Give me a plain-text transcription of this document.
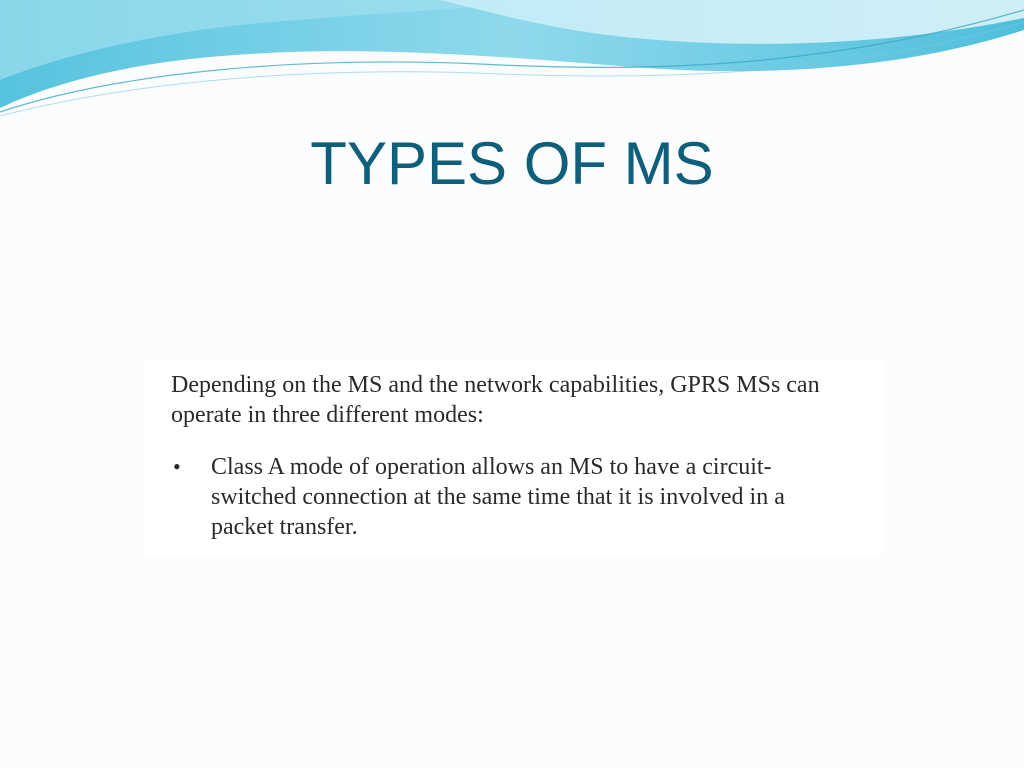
TYPES OF MS

Depending on the MS and the network capabilities, GPRS MSs can operate in three different modes:

• Class A mode of operation allows an MS to have a circuit-switched connection at the same time that it is involved in a packet transfer.
